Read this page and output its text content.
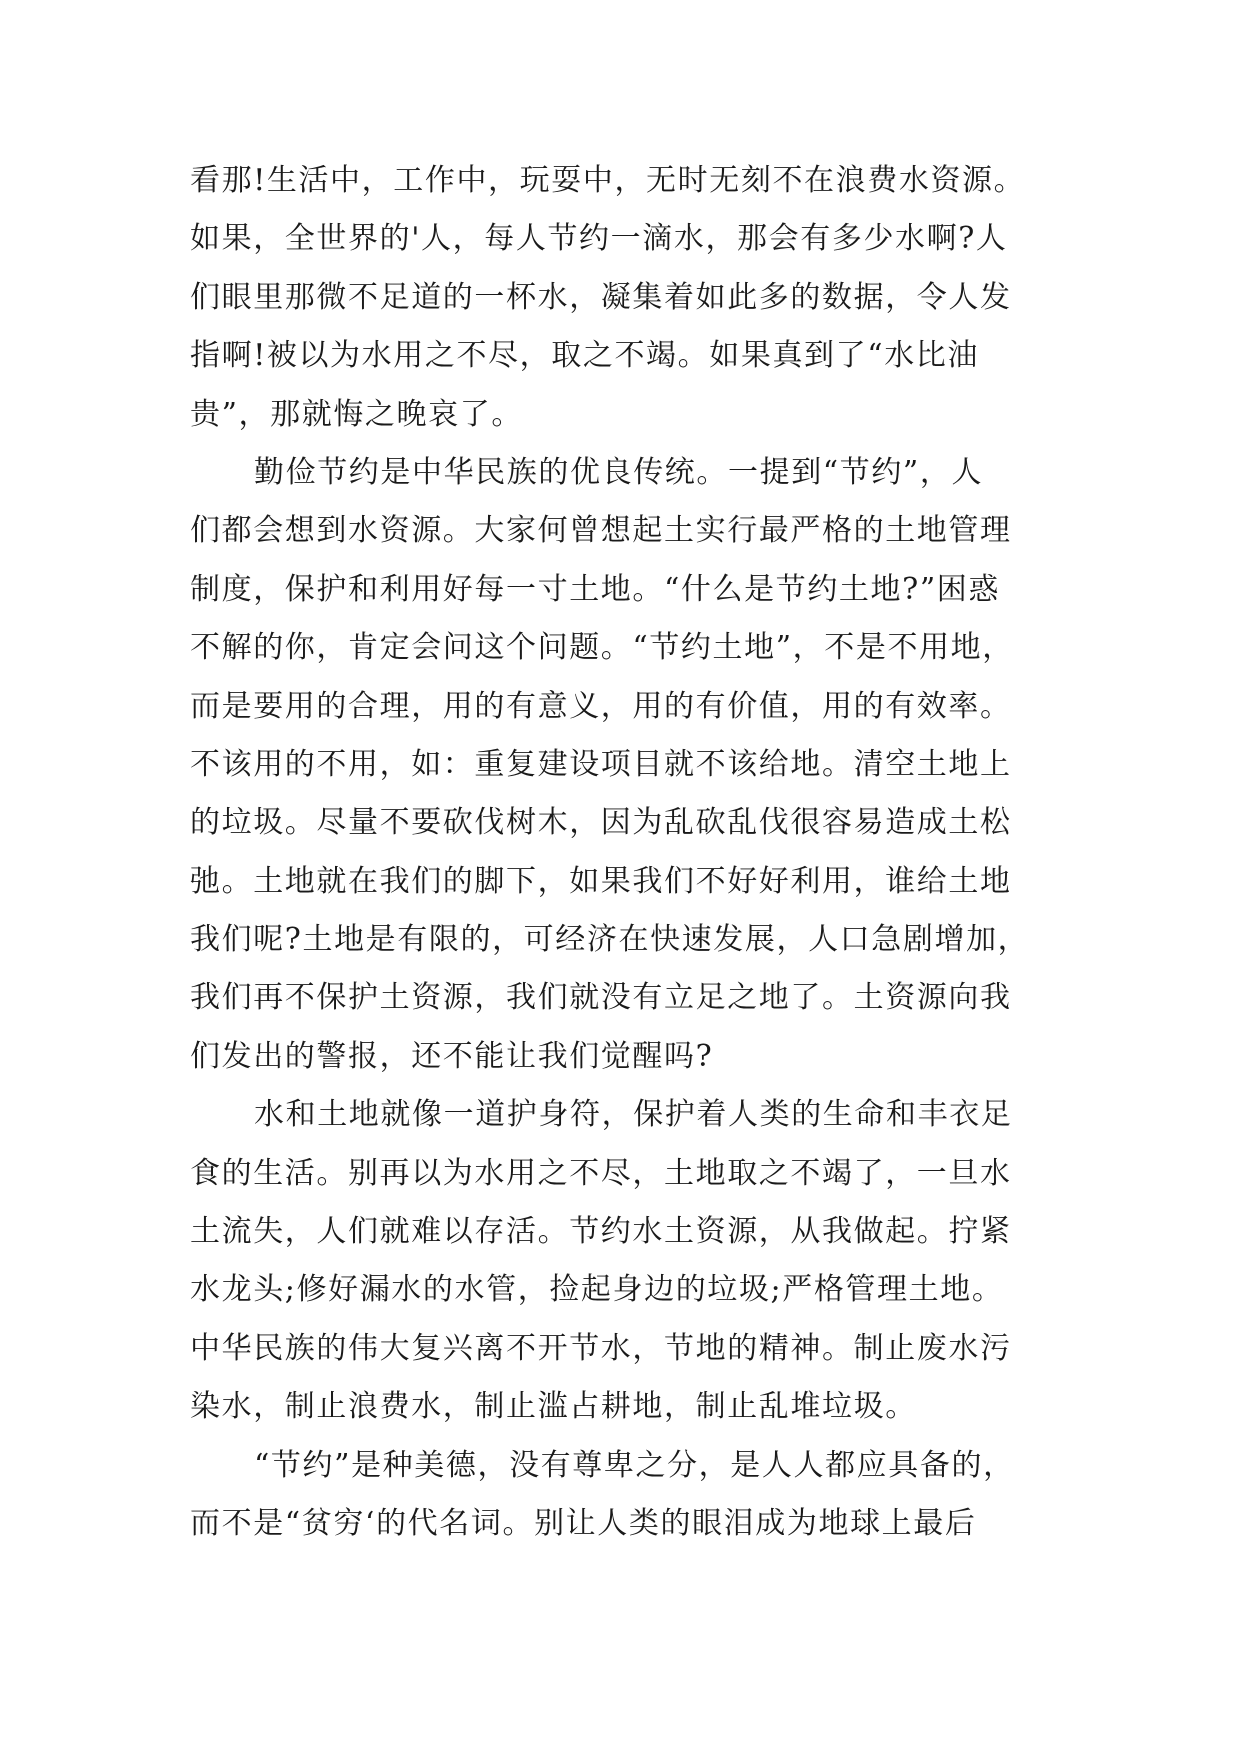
看那!生活中，工作中，玩耍中，无时无刻不在浪费水资源。
如果，全世界的'人，每人节约一滴水，那会有多少水啊?人
们眼里那微不足道的一杯水，凝集着如此多的数据，令人发
指啊!被以为水用之不尽，取之不竭。如果真到了“水比油
贵”，那就悔之晚哀了。
勤俭节约是中华民族的优良传统。一提到“节约”，人
们都会想到水资源。大家何曾想起土实行最严格的土地管理
制度，保护和利用好每一寸土地。“什么是节约土地?”困惑
不解的你，肯定会问这个问题。“节约土地”，不是不用地，
而是要用的合理，用的有意义，用的有价值，用的有效率。
不该用的不用，如：重复建设项目就不该给地。清空土地上
的垃圾。尽量不要砍伐树木，因为乱砍乱伐很容易造成土松
弛。土地就在我们的脚下，如果我们不好好利用，谁给土地
我们呢?土地是有限的，可经济在快速发展，人口急剧增加，
我们再不保护土资源，我们就没有立足之地了。土资源向我
们发出的警报，还不能让我们觉醒吗?
水和土地就像一道护身符，保护着人类的生命和丰衣足
食的生活。别再以为水用之不尽，土地取之不竭了，一旦水
土流失，人们就难以存活。节约水土资源，从我做起。拧紧
水龙头;修好漏水的水管，捡起身边的垃圾;严格管理土地。
中华民族的伟大复兴离不开节水，节地的精神。制止废水污
染水，制止浪费水，制止滥占耕地，制止乱堆垃圾。
“节约”是种美德，没有尊卑之分，是人人都应具备的，
而不是“贫穷‘的代名词。别让人类的眼泪成为地球上最后
